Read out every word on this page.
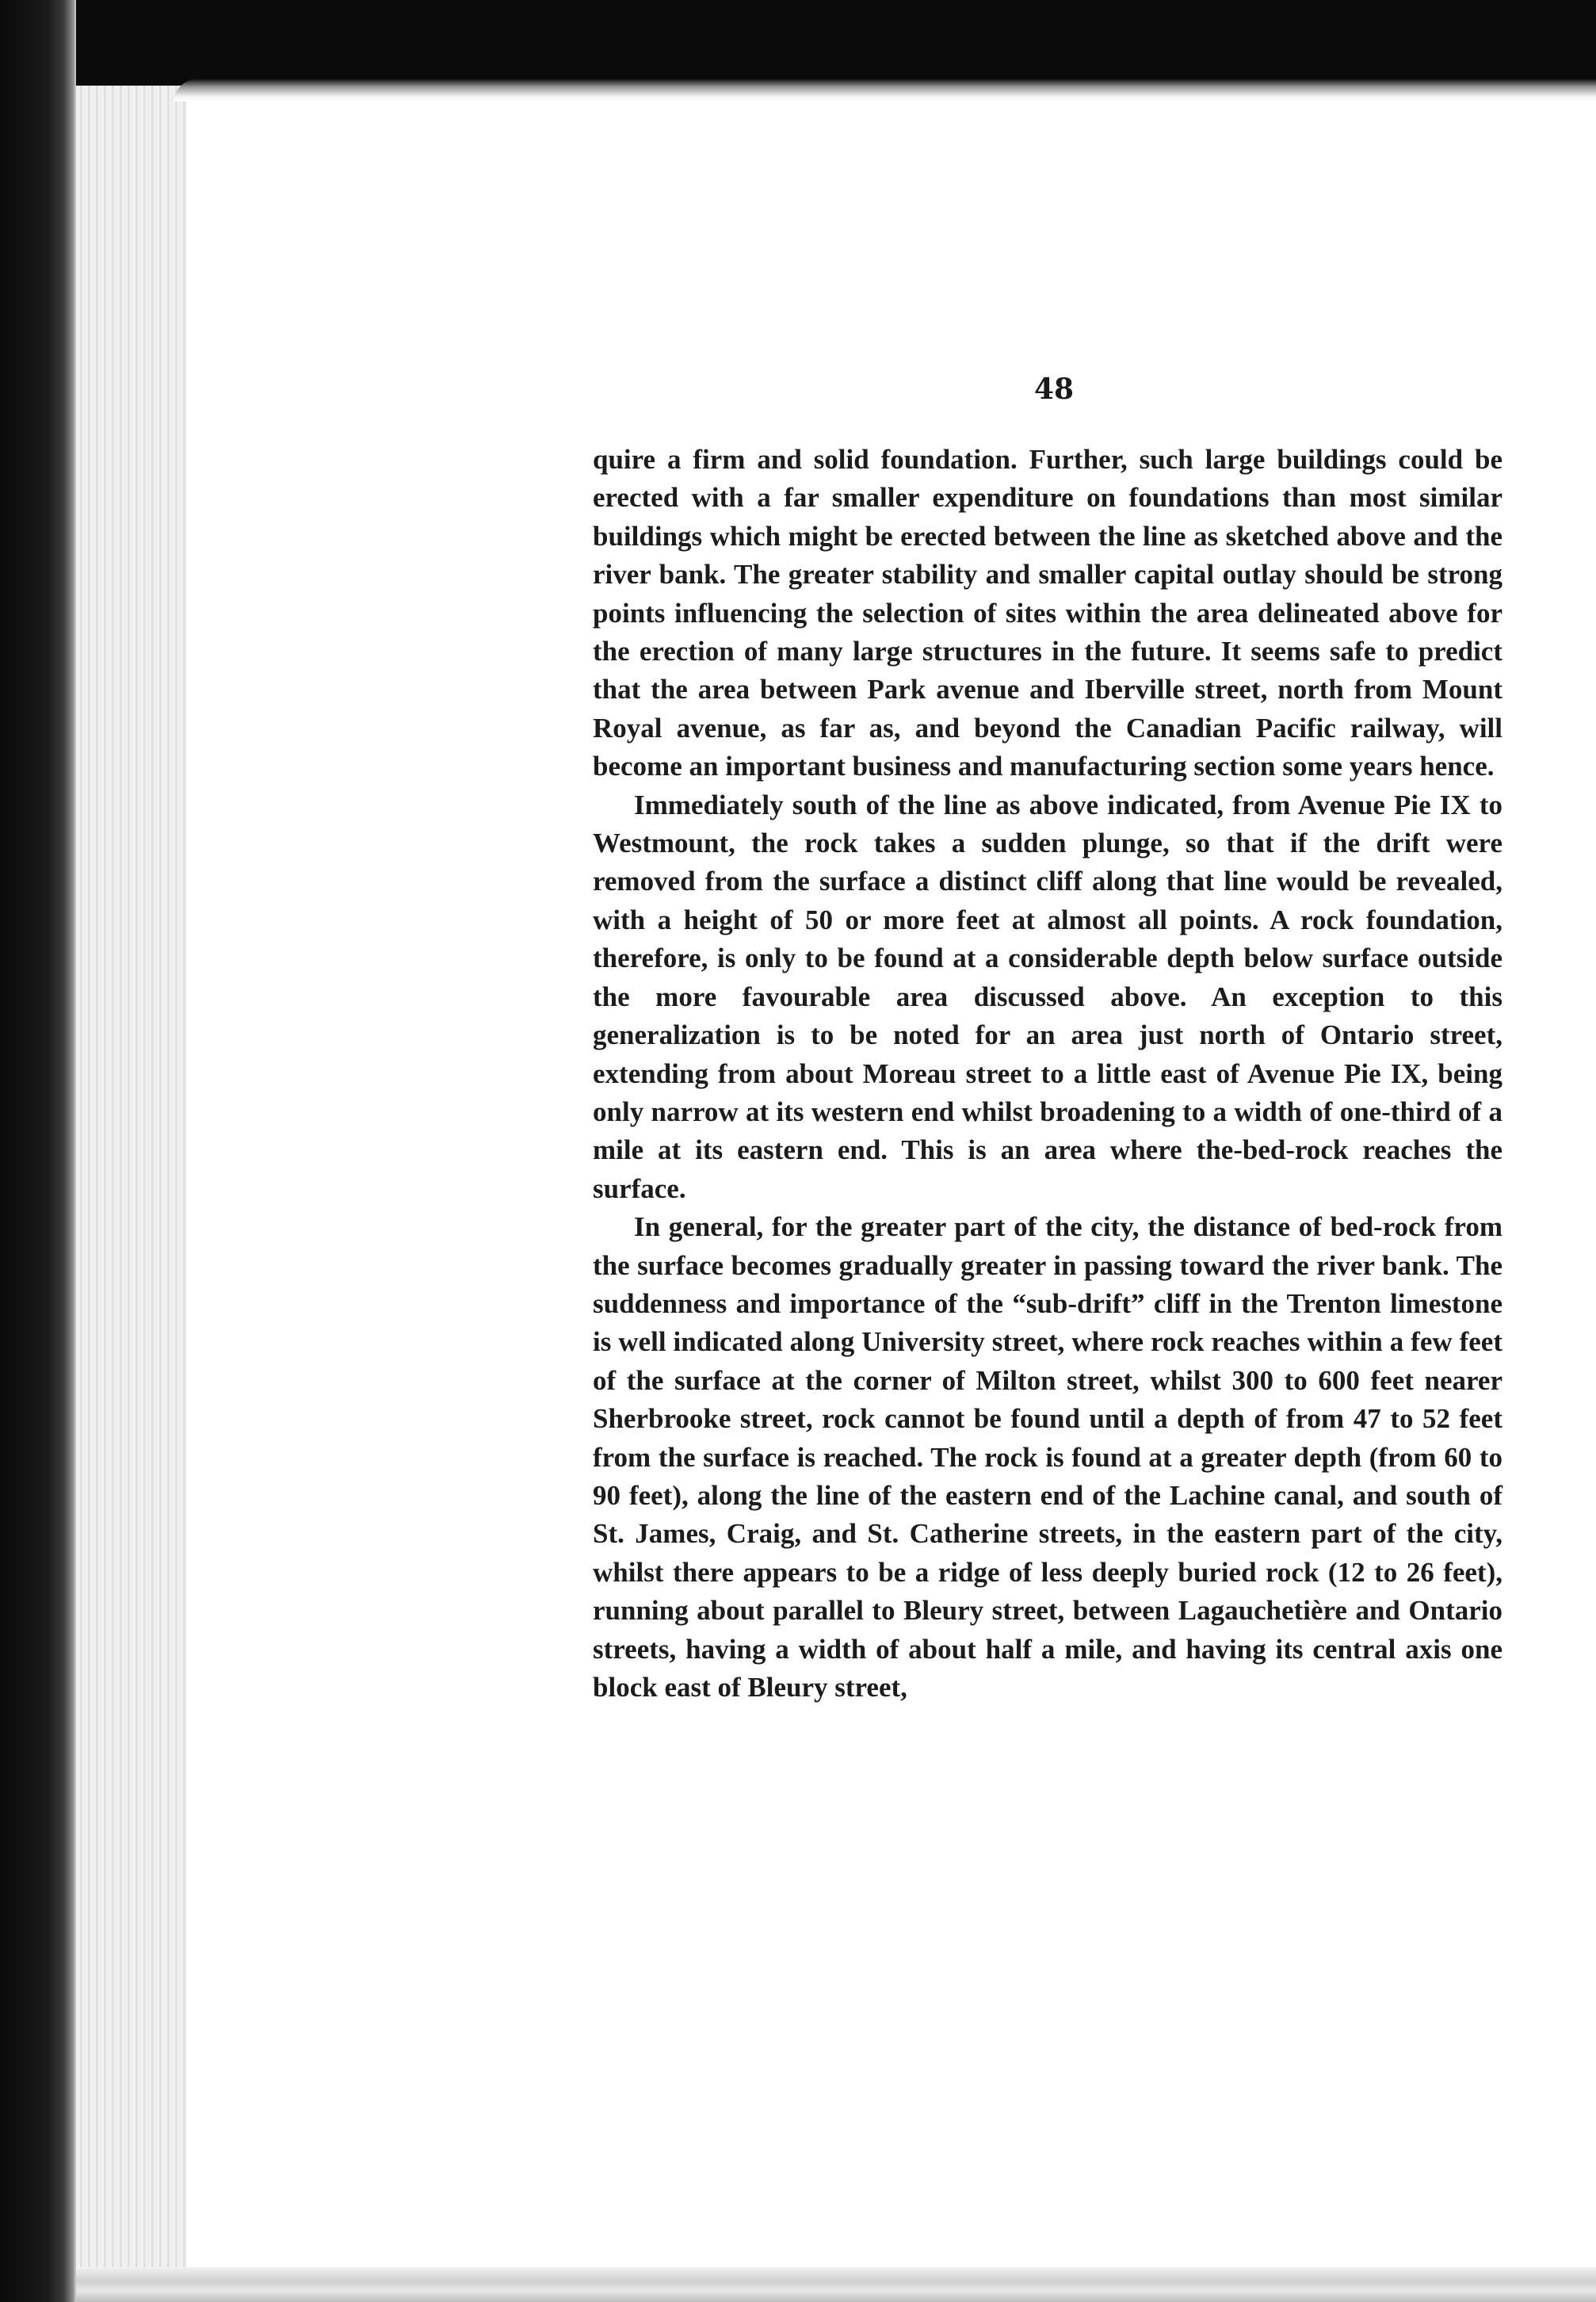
48

quire a firm and solid foundation. Further, such large buildings could be erected with a far smaller expenditure on foundations than most similar buildings which might be erected between the line as sketched above and the river bank. The greater stability and smaller capital outlay should be strong points influencing the selection of sites within the area delineated above for the erection of many large structures in the future. It seems safe to predict that the area between Park avenue and Iberville street, north from Mount Royal avenue, as far as, and beyond the Canadian Pacific railway, will become an important business and manufacturing section some years hence.

Immediately south of the line as above indicated, from Avenue Pie IX to Westmount, the rock takes a sudden plunge, so that if the drift were removed from the surface a distinct cliff along that line would be revealed, with a height of 50 or more feet at almost all points. A rock foundation, therefore, is only to be found at a considerable depth below surface outside the more favourable area discussed above. An exception to this generalization is to be noted for an area just north of Ontario street, extending from about Moreau street to a little east of Avenue Pie IX, being only narrow at its western end whilst broadening to a width of one-third of a mile at its eastern end. This is an area where the-bed-rock reaches the surface.

In general, for the greater part of the city, the distance of bed-rock from the surface becomes gradually greater in passing toward the river bank. The suddenness and importance of the “sub-drift” cliff in the Trenton limestone is well indicated along University street, where rock reaches within a few feet of the surface at the corner of Milton street, whilst 300 to 600 feet nearer Sherbrooke street, rock cannot be found until a depth of from 47 to 52 feet from the surface is reached. The rock is found at a greater depth (from 60 to 90 feet), along the line of the eastern end of the Lachine canal, and south of St. James, Craig, and St. Catherine streets, in the eastern part of the city, whilst there appears to be a ridge of less deeply buried rock (12 to 26 feet), running about parallel to Bleury street, between Lagauchetière and Ontario streets, having a width of about half a mile, and having its central axis one block east of Bleury street,
